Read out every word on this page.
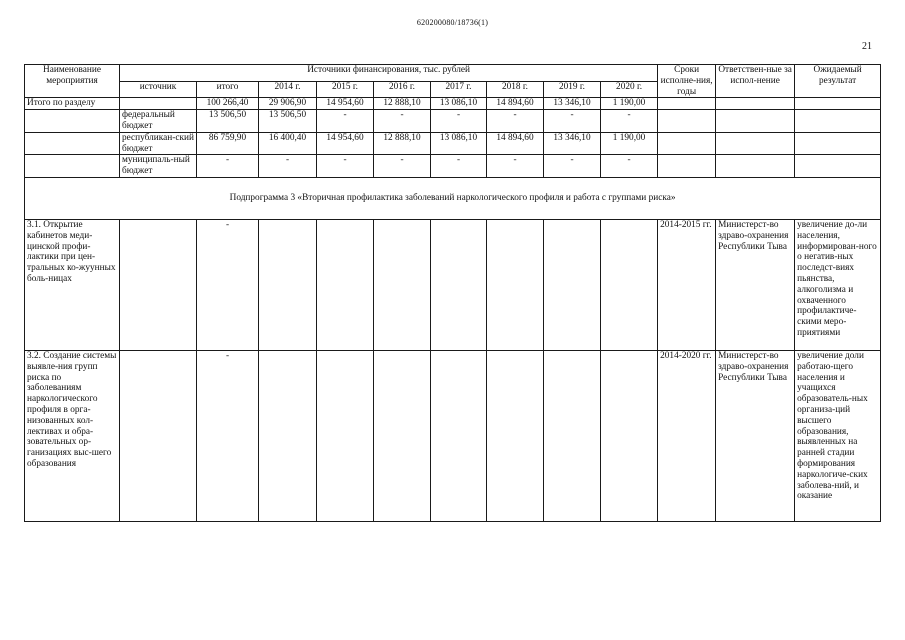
620200080/18736(1)
21
Наименование мероприятия	Источники финансирования, тыс. рублей									Сроки исполне-ния, годы	Ответствен-ные за испол-нение	Ожидаемый результат
	источник	итого	2014 г.	2015 г.	2016 г.	2017 г.	2018 г.	2019 г.	2020 г.			
Итого по разделу		100 266,40	29 906,90	14 954,60	12 888,10	13 086,10	14 894,60	13 346,10	1 190,00			
	федеральный бюджет	13 506,50	13 506,50	-	-	-	-	-	-			
	республикан-ский бюджет	86 759,90	16 400,40	14 954,60	12 888,10	13 086,10	14 894,60	13 346,10	1 190,00			
	муниципаль-ный бюджет	-	-	-	-	-	-	-	-			
Подпрограмма 3 «Вторичная профилактика заболеваний наркологического профиля и работа с группами риска»												
3.1. Открытие кабинетов меди-цинской профи-лактики при цен-тральных ко-жуунных боль-ницах		-								2014-2015 гг.	Министерст-во здраво-охранения Республики Тыва	увеличение до-ли населения, информирован-ного о негатив-ных последст-виях пьянства, алкоголизма и охваченного профилактиче-скими меро-приятиями
3.2. Создание системы выявле-ния групп риска по заболеваниям наркологического профиля в орга-низованных кол-лективах и обра-зовательных ор-ганизациях выс-шего образования		-								2014-2020 гг.	Министерст-во здраво-охранения Республики Тыва	увеличение доли работаю-щего населения и учащихся образователь-ных организа-ций высшего образования, выявленных на ранней стадии формирования наркологиче-ских заболева-ний, и оказание
